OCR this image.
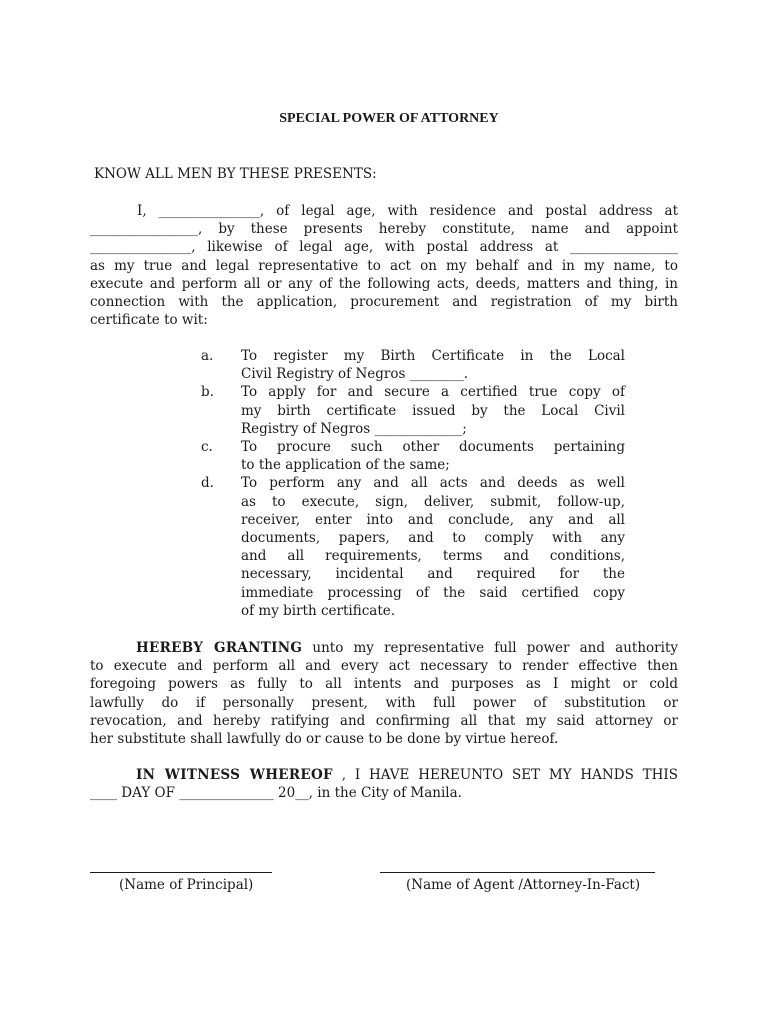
SPECIAL POWER OF ATTORNEY
KNOW ALL MEN BY THESE PRESENTS:

I, _______________, of legal age, with residence and postal address at
________________, by these presents hereby constitute, name and appoint
_______________, likewise of legal age, with postal address at ________________
as my true and legal representative to act on my behalf and in my name, to
execute and perform all or any of the following acts, deeds, matters and thing, in
connection with the application, procurement and registration of my birth
certificate to wit:

a. To register my Birth Certificate in the Local
Civil Registry of Negros ________.
b. To apply for and secure a certified true copy of
my birth certificate issued by the Local Civil
Registry of Negros _____________;
c. To procure such other documents pertaining
to the application of the same;
d. To perform any and all acts and deeds as well
as to execute, sign, deliver, submit, follow-up,
receiver, enter into and conclude, any and all
documents, papers, and to comply with any
and all requirements, terms and conditions,
necessary, incidental and required for the
immediate processing of the said certified copy
of my birth certificate.

HEREBY GRANTING unto my representative full power and authority
to execute and perform all and every act necessary to render effective then
foregoing powers as fully to all intents and purposes as I might or cold
lawfully do if personally present, with full power of substitution or
revocation, and hereby ratifying and confirming all that my said attorney or
her substitute shall lawfully do or cause to be done by virtue hereof.

IN WITNESS WHEREOF , I HAVE HEREUNTO SET MY HANDS THIS
____ DAY OF ______________ 20__, in the City of Manila.

(Name of Principal)	(Name of Agent /Attorney-In-Fact)
